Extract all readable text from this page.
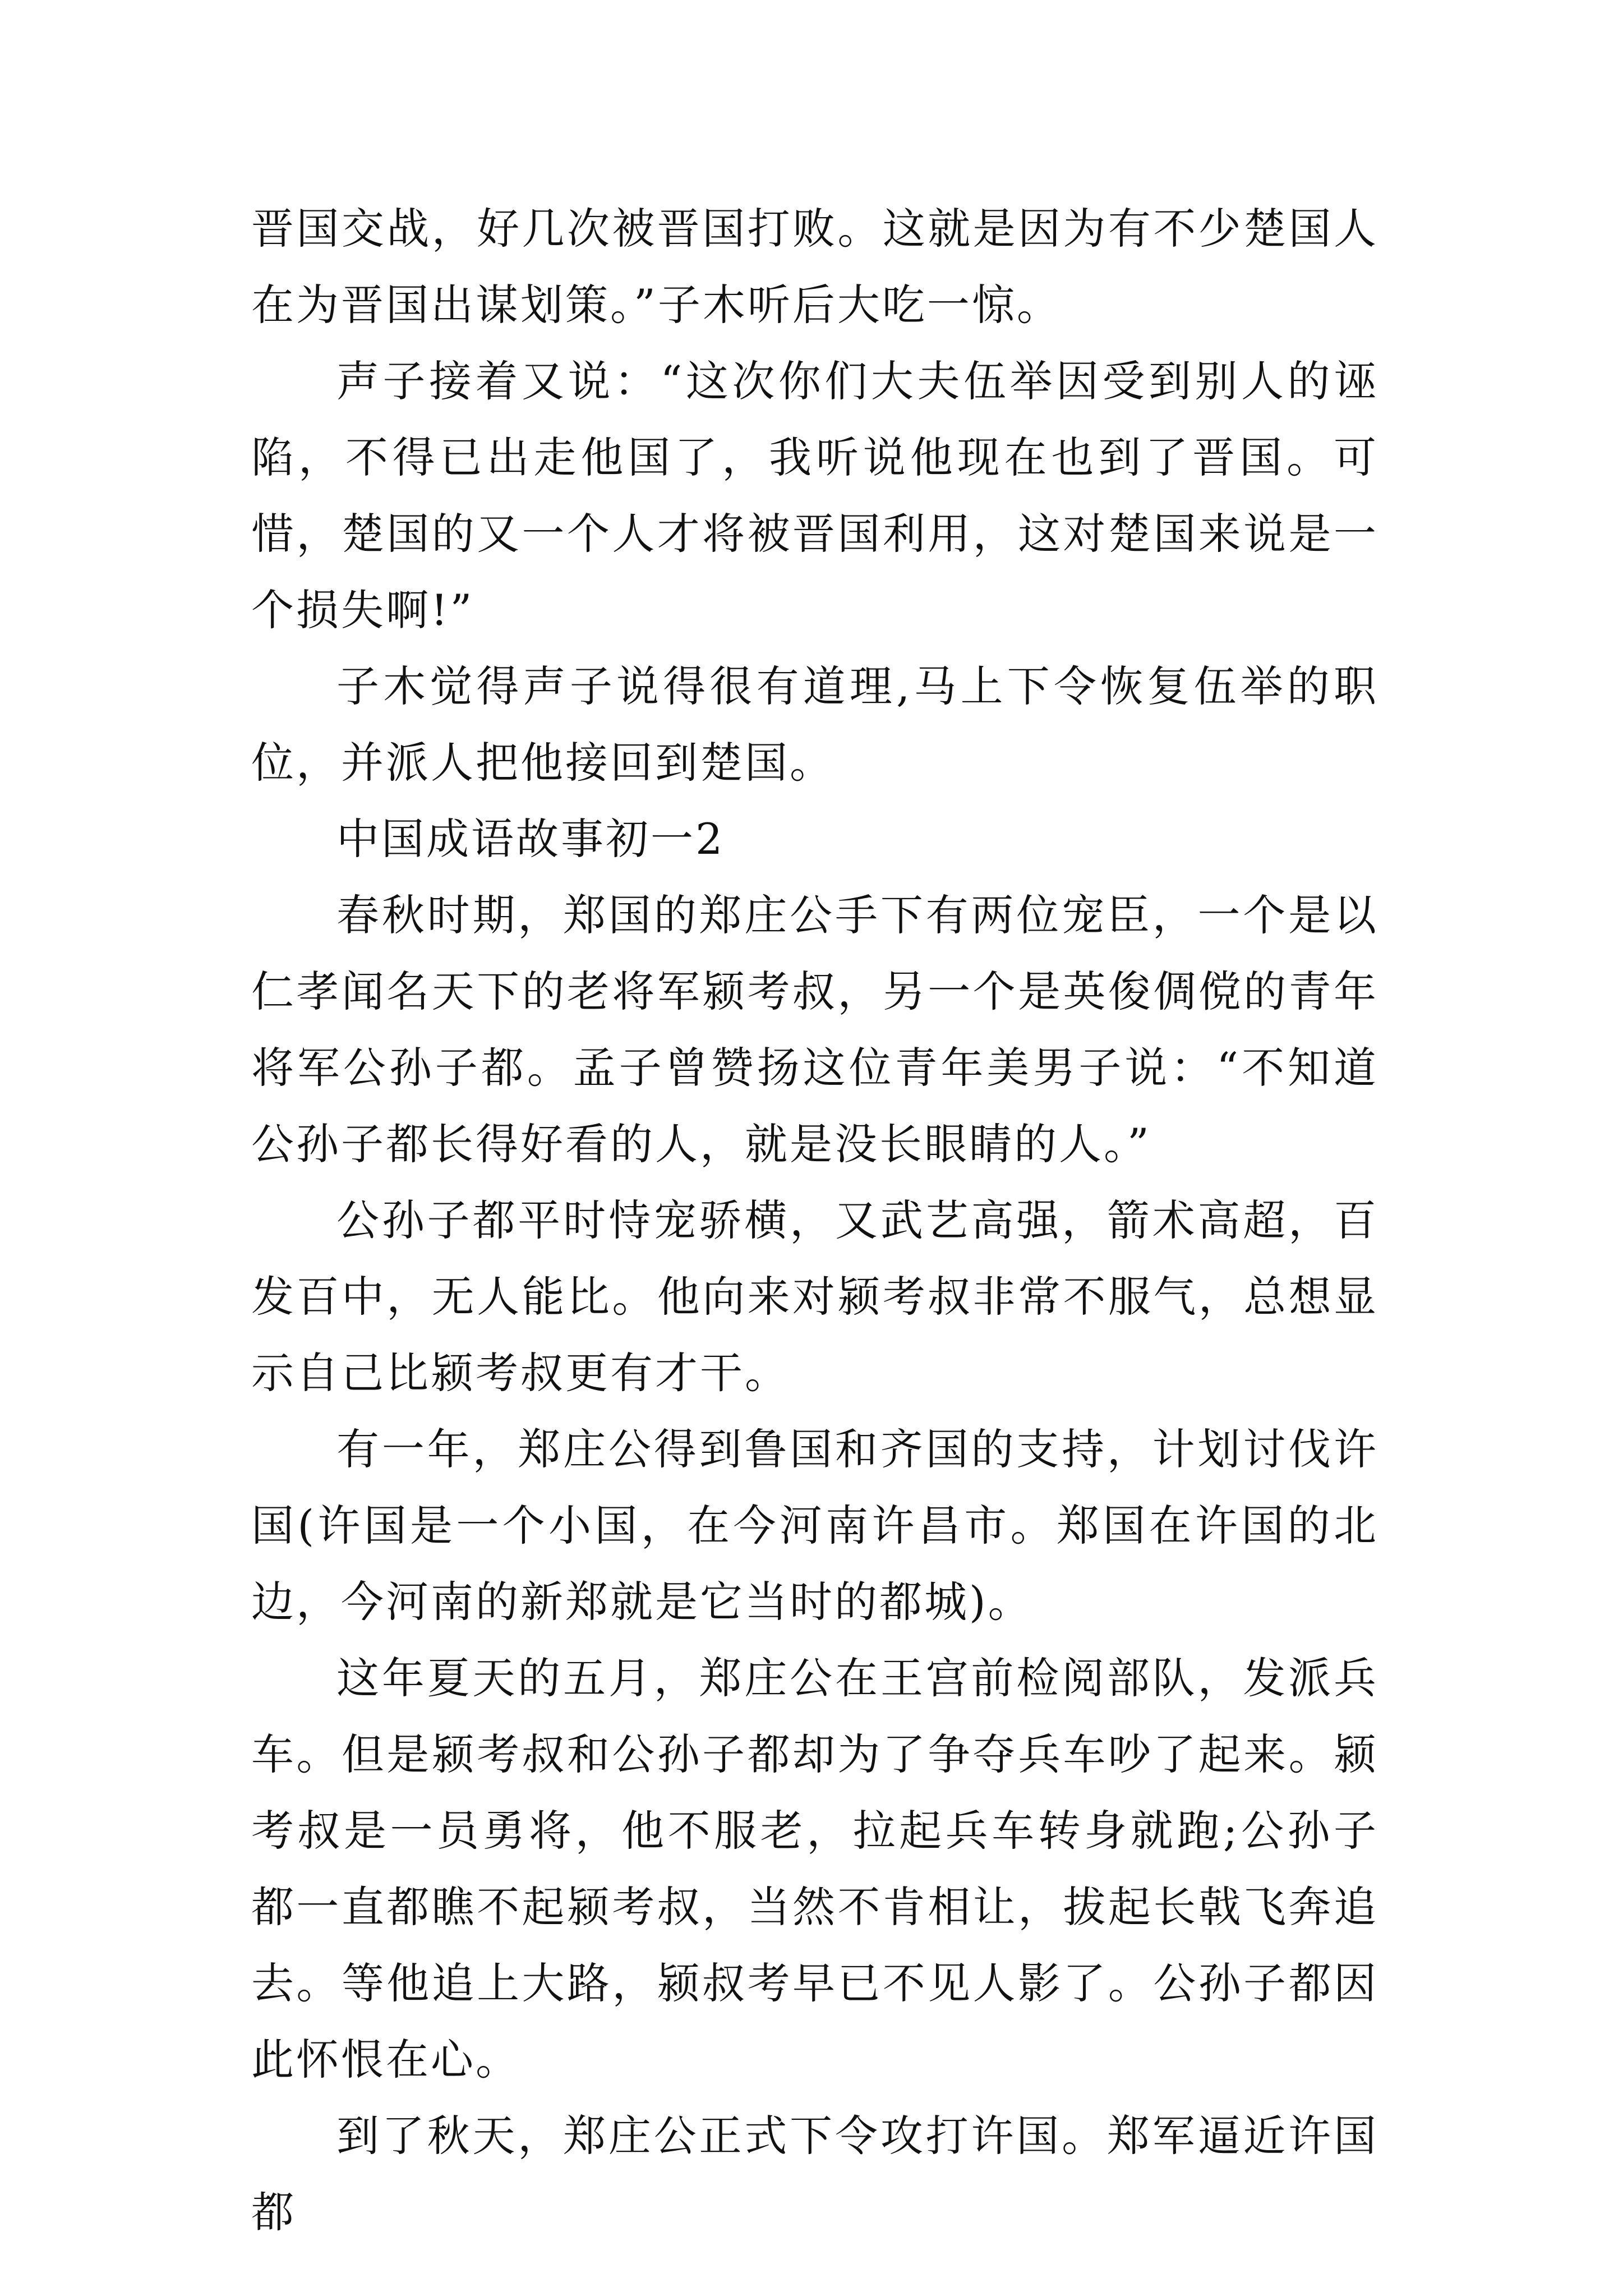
晋国交战，好几次被晋国打败。这就是因为有不少楚国人在为晋国出谋划策。”子木听后大吃一惊。

声子接着又说：“这次你们大夫伍举因受到别人的诬陷，不得已出走他国了，我听说他现在也到了晋国。可惜，楚国的又一个人才将被晋国利用，这对楚国来说是一个损失啊!”

子木觉得声子说得很有道理,马上下令恢复伍举的职位，并派人把他接回到楚国。

中国成语故事初一2

春秋时期，郑国的郑庄公手下有两位宠臣，一个是以仁孝闻名天下的老将军颍考叔，另一个是英俊倜傥的青年将军公孙子都。孟子曾赞扬这位青年美男子说：“不知道公孙子都长得好看的人，就是没长眼睛的人。”

公孙子都平时恃宠骄横，又武艺高强，箭术高超，百发百中，无人能比。他向来对颍考叔非常不服气，总想显示自己比颍考叔更有才干。

有一年，郑庄公得到鲁国和齐国的支持，计划讨伐许国(许国是一个小国，在今河南许昌市。郑国在许国的北边，今河南的新郑就是它当时的都城)。

这年夏天的五月，郑庄公在王宫前检阅部队，发派兵车。但是颍考叔和公孙子都却为了争夺兵车吵了起来。颍考叔是一员勇将，他不服老，拉起兵车转身就跑;公孙子都一直都瞧不起颍考叔，当然不肯相让，拔起长戟飞奔追去。等他追上大路，颍叔考早已不见人影了。公孙子都因此怀恨在心。

到了秋天，郑庄公正式下令攻打许国。郑军逼近许国都
